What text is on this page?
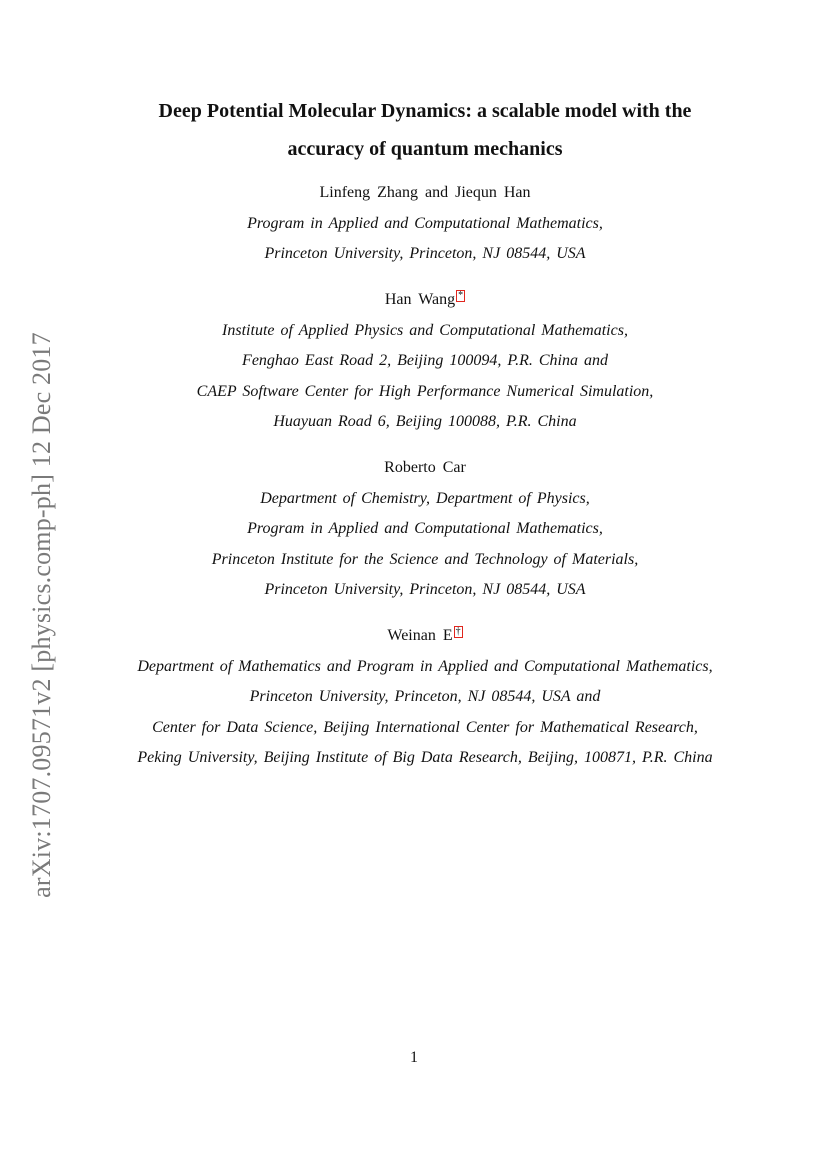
arXiv:1707.09571v2 [physics.comp-ph] 12 Dec 2017
Deep Potential Molecular Dynamics: a scalable model with the
accuracy of quantum mechanics
Linfeng Zhang and Jiequn Han
Program in Applied and Computational Mathematics,
Princeton University, Princeton, NJ 08544, USA
Han Wang *
Institute of Applied Physics and Computational Mathematics,
Fenghao East Road 2, Beijing 100094, P.R. China and
CAEP Software Center for High Performance Numerical Simulation,
Huayuan Road 6, Beijing 100088, P.R. China
Roberto Car
Department of Chemistry, Department of Physics,
Program in Applied and Computational Mathematics,
Princeton Institute for the Science and Technology of Materials,
Princeton University, Princeton, NJ 08544, USA
Weinan E †
Department of Mathematics and Program in Applied and Computational Mathematics,
Princeton University, Princeton, NJ 08544, USA and
Center for Data Science, Beijing International Center for Mathematical Research,
Peking University, Beijing Institute of Big Data Research, Beijing, 100871, P.R. China
1
